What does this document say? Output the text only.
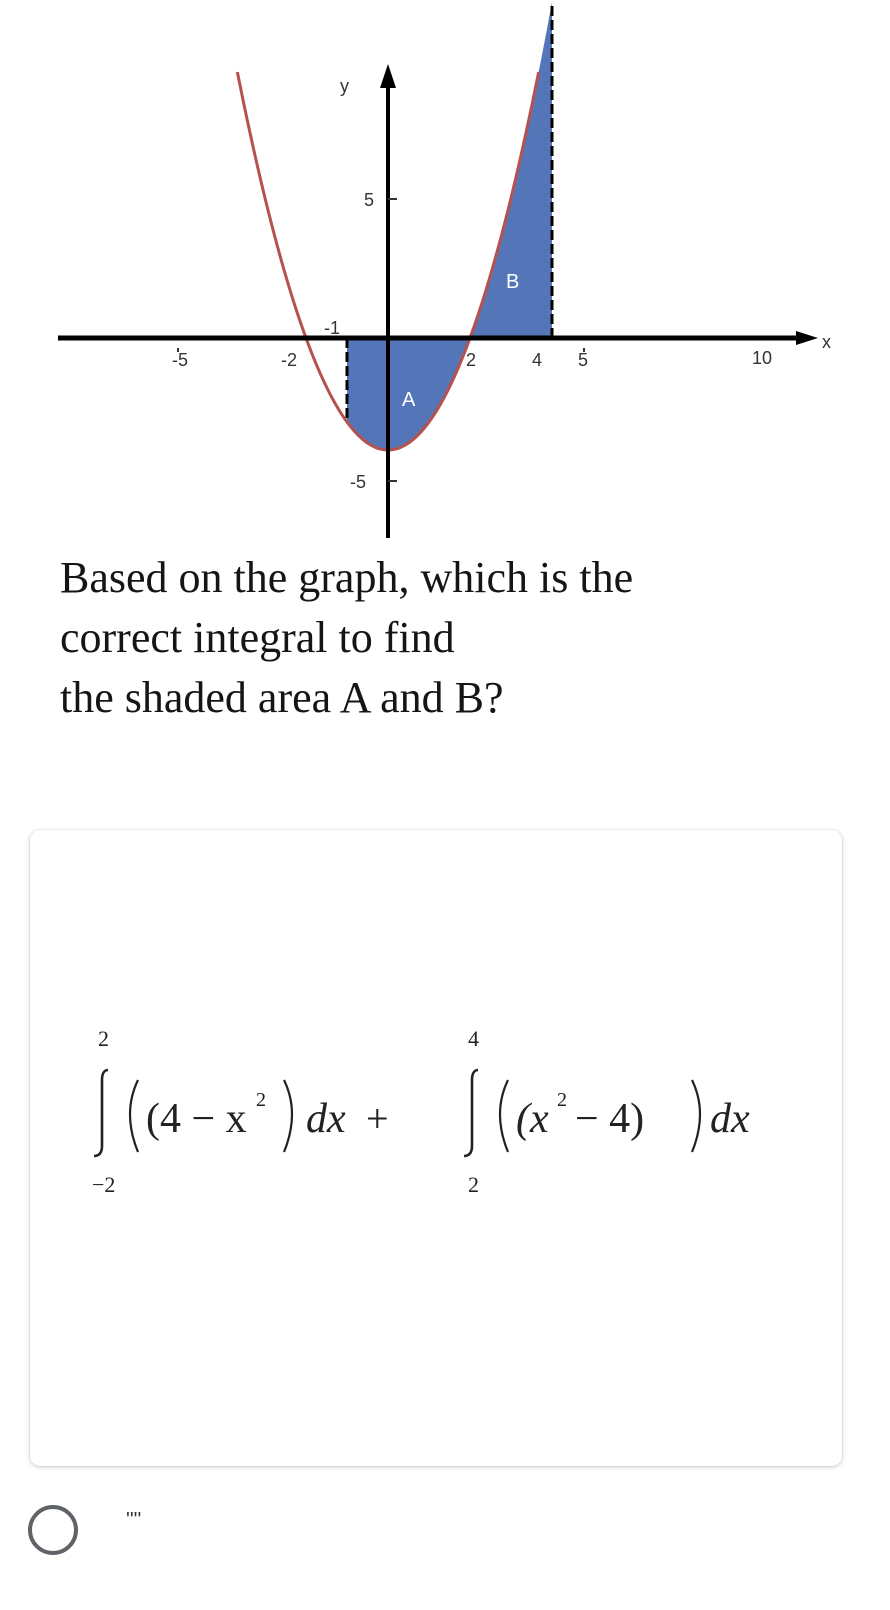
x
y
-5	-2
-1
2	4 5	10
5
-5
A
B

Based on the graph, which is the
correct integral to find
the shaded area A and B?

2
−2
(4 − x 2 dx +
4
2
(x 2 − 4) dx
''''
